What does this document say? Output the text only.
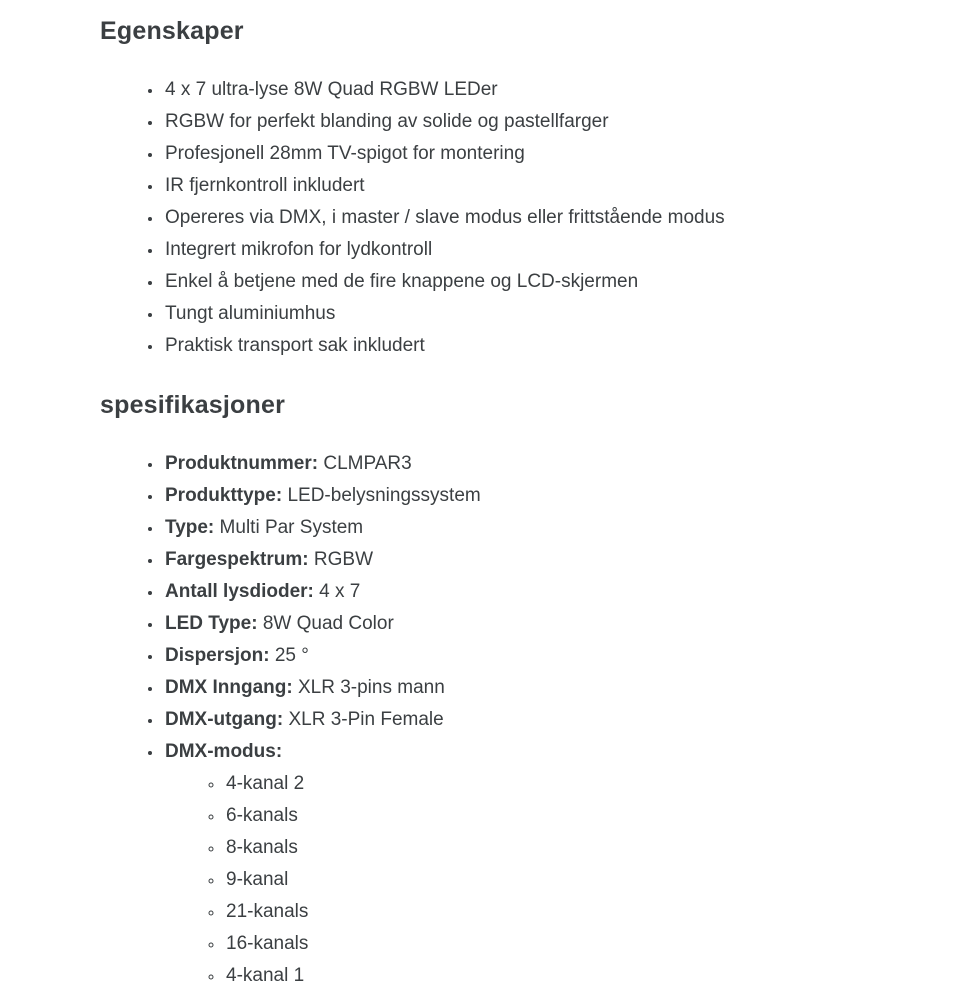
Egenskaper
• 4 x 7 ultra-lyse 8W Quad RGBW LEDer
• RGBW for perfekt blanding av solide og pastellfarger
• Profesjonell 28mm TV-spigot for montering
• IR fjernkontroll inkludert
• Opereres via DMX, i master / slave modus eller frittstående modus
• Integrert mikrofon for lydkontroll
• Enkel å betjene med de fire knappene og LCD-skjermen
• Tungt aluminiumhus
• Praktisk transport sak inkludert
spesifikasjoner
• Produktnummer: CLMPAR3
• Produkttype: LED-belysningssystem
• Type: Multi Par System
• Fargespektrum: RGBW
• Antall lysdioder: 4 x 7
• LED Type: 8W Quad Color
• Dispersjon: 25 °
• DMX Inngang: XLR 3-pins mann
• DMX-utgang: XLR 3-Pin Female
• DMX-modus:
◦ 4-kanal 2
◦ 6-kanals
◦ 8-kanals
◦ 9-kanal
◦ 21-kanals
◦ 16-kanals
◦ 4-kanal 1
